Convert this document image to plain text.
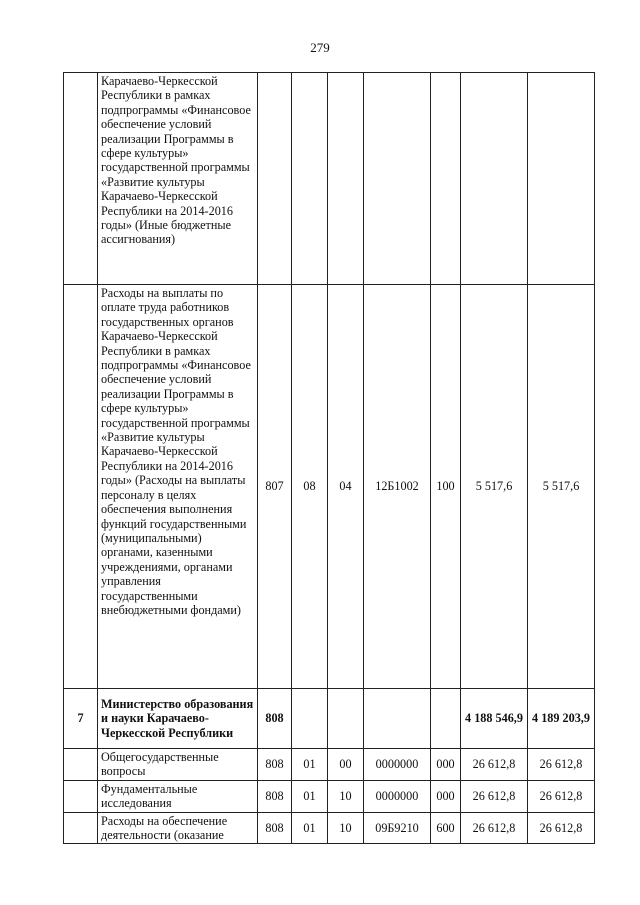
279
	Карачаево-Черкесской Республики в рамках подпрограммы «Финансовое обеспечение условий реализации Программы в сфере культуры» государственной программы «Развитие культуры Карачаево-Черкесской Республики на 2014-2016 годы» (Иные бюджетные ассигнования)							
	Расходы на выплаты по оплате труда работников государственных органов Карачаево-Черкесской Республики в рамках подпрограммы «Финансовое обеспечение условий реализации Программы в сфере культуры» государственной программы «Развитие культуры Карачаево-Черкесской Республики на 2014-2016 годы» (Расходы на выплаты персоналу в целях обеспечения выполнения функций государственными (муниципальными) органами, казенными учреждениями, органами управления государственными внебюджетными фондами)	807	08	04	12Б1002	100	5 517,6	5 517,6
7	Министерство образования и науки Карачаево-Черкесской Республики	808					4 188 546,9	4 189 203,9
	Общегосударственные вопросы	808	01	00	0000000	000	26 612,8	26 612,8
	Фундаментальные исследования	808	01	10	0000000	000	26 612,8	26 612,8
	Расходы на обеспечение деятельности (оказание	808	01	10	09Б9210	600	26 612,8	26 612,8
